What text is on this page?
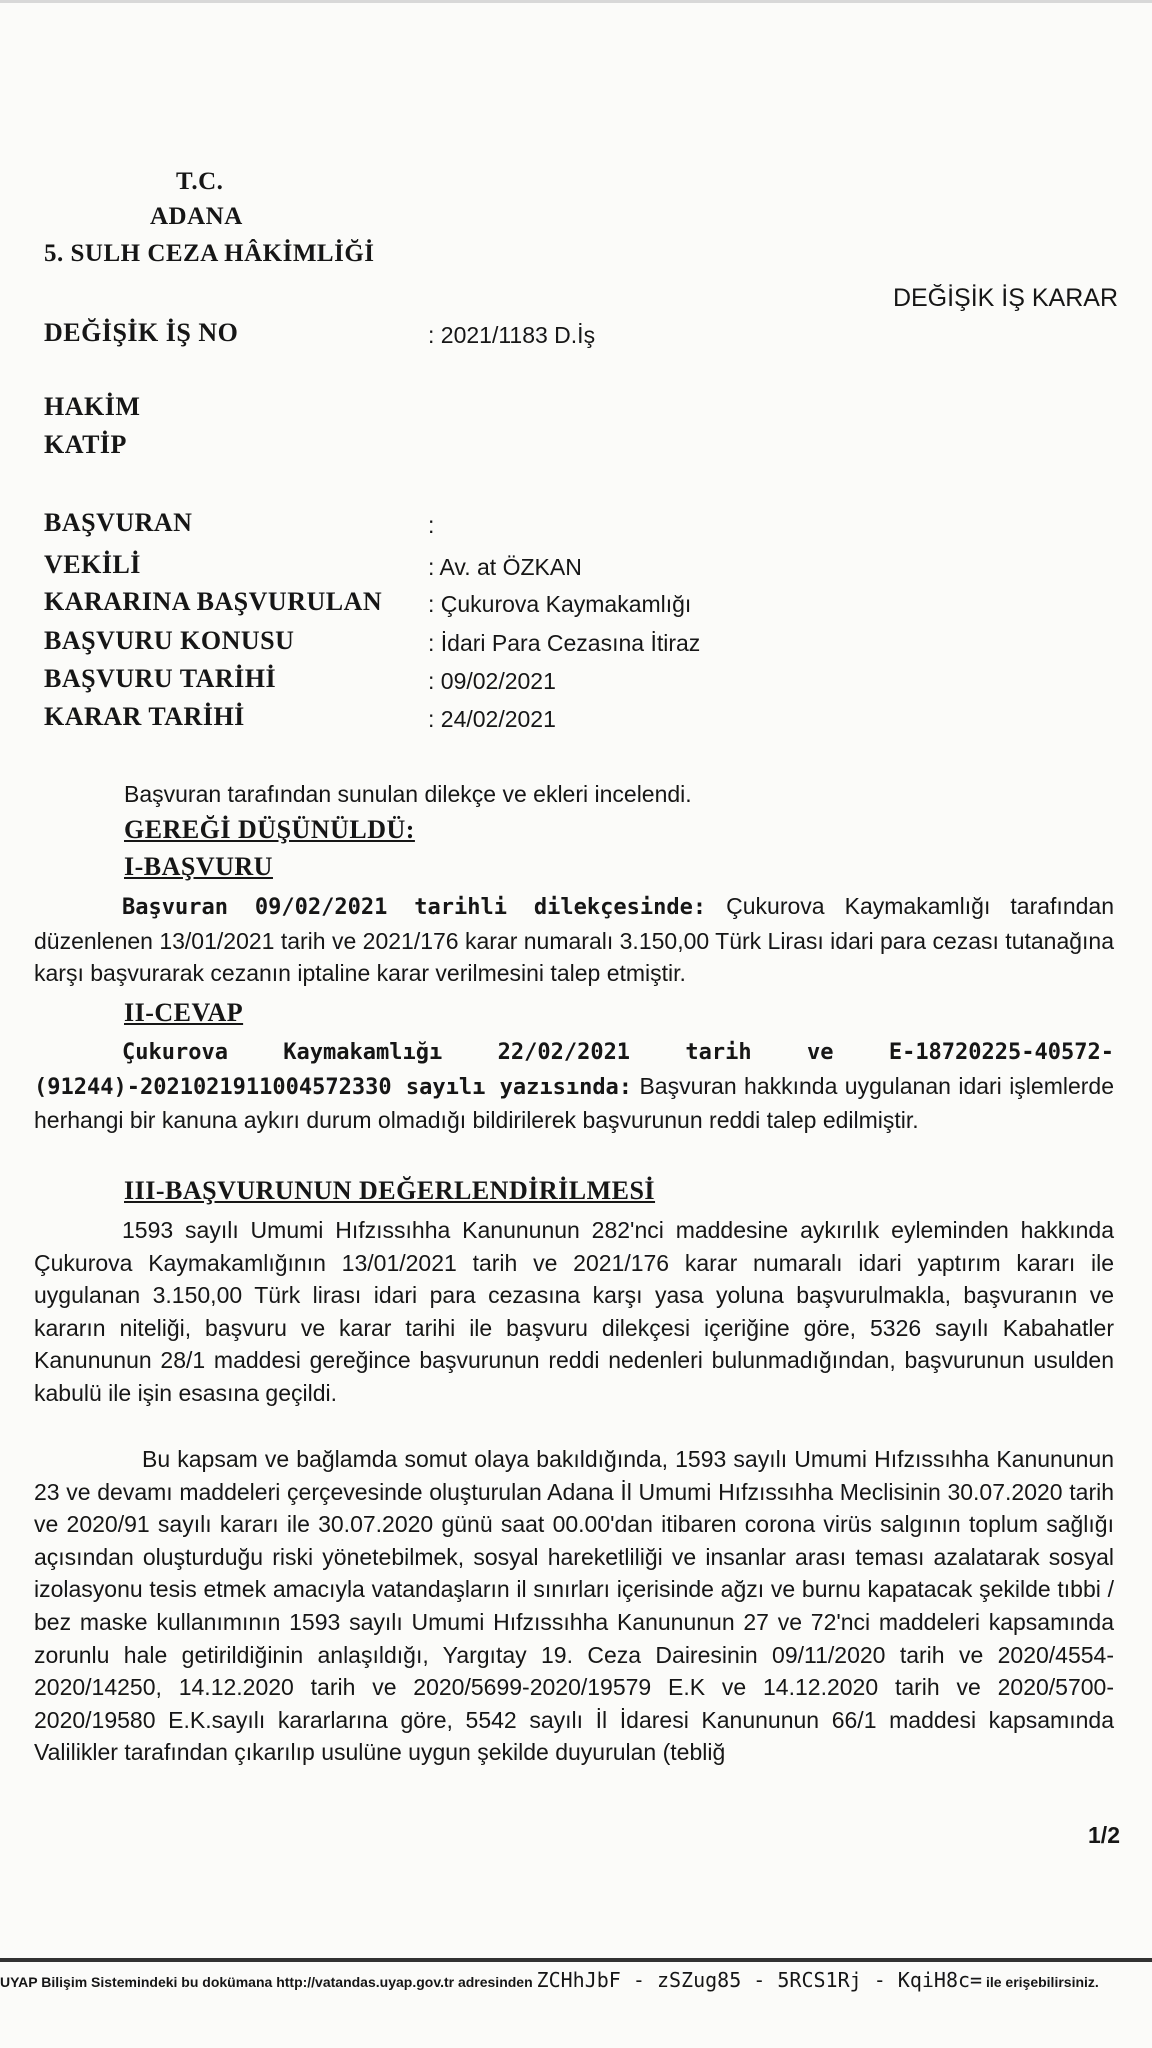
T.C.
ADANA
5. SULH CEZA HÂKİMLİĞİ
DEĞİŞİK İŞ KARAR
DEĞİŞİK İŞ NO	: 2021/1183 D.İş
HAKİM
KATİP
BAŞVURAN	:
VEKİLİ	: Av. at ÖZKAN
KARARINA BAŞVURULAN : Çukurova Kaymakamlığı
BAŞVURU KONUSU	: İdari Para Cezasına İtiraz
BAŞVURU TARİHİ	: 09/02/2021
KARAR TARİHİ	: 24/02/2021
Başvuran tarafından sunulan dilekçe ve ekleri incelendi.
GEREĞİ DÜŞÜNÜLDÜ:
I-BAŞVURU
Başvuran 09/02/2021 tarihli dilekçesinde: Çukurova Kaymakamlığı tarafından düzenlenen 13/01/2021 tarih ve 2021/176 karar numaralı 3.150,00 Türk Lirası idari para cezası tutanağına karşı başvurarak cezanın iptaline karar verilmesini talep etmiştir.
II-CEVAP
Çukurova Kaymakamlığı 22/02/2021 tarih ve E-18720225-40572-(91244)-2021021911004572330 sayılı yazısında: Başvuran hakkında uygulanan idari işlemlerde herhangi bir kanuna aykırı durum olmadığı bildirilerek başvurunun reddi talep edilmiştir.
III-BAŞVURUNUN DEĞERLENDİRİLMESİ
1593 sayılı Umumi Hıfzıssıhha Kanununun 282'nci maddesine aykırılık eyleminden hakkında Çukurova Kaymakamlığının 13/01/2021 tarih ve 2021/176 karar numaralı idari yaptırım kararı ile uygulanan 3.150,00 Türk lirası idari para cezasına karşı yasa yoluna başvurulmakla, başvuranın ve kararın niteliği, başvuru ve karar tarihi ile başvuru dilekçesi içeriğine göre, 5326 sayılı Kabahatler Kanununun 28/1 maddesi gereğince başvurunun reddi nedenleri bulunmadığından, başvurunun usulden kabulü ile işin esasına geçildi.
Bu kapsam ve bağlamda somut olaya bakıldığında, 1593 sayılı Umumi Hıfzıssıhha Kanununun 23 ve devamı maddeleri çerçevesinde oluşturulan Adana İl Umumi Hıfzıssıhha Meclisinin 30.07.2020 tarih ve 2020/91 sayılı kararı ile 30.07.2020 günü saat 00.00'dan itibaren corona virüs salgının toplum sağlığı açısından oluşturduğu riski yönetebilmek, sosyal hareketliliği ve insanlar arası teması azalatarak sosyal izolasyonu tesis etmek amacıyla vatandaşların il sınırları içerisinde ağzı ve burnu kapatacak şekilde tıbbi / bez maske kullanımının 1593 sayılı Umumi Hıfzıssıhha Kanununun 27 ve 72'nci maddeleri kapsamında zorunlu hale getirildiğinin anlaşıldığı, Yargıtay 19. Ceza Dairesinin 09/11/2020 tarih ve 2020/4554-2020/14250, 14.12.2020 tarih ve 2020/5699-2020/19579 E.K ve 14.12.2020 tarih ve 2020/5700-2020/19580 E.K.sayılı kararlarına göre, 5542 sayılı İl İdaresi Kanununun 66/1 maddesi kapsamında Valilikler tarafından çıkarılıp usulüne uygun şekilde duyurulan (tebliğ
1/2
UYAP Bilişim Sistemindeki bu dokümana http://vatandas.uyap.gov.tr adresinden ZCHhJbF - zSZug85 - 5RCS1Rj - KqiH8c= ile erişebilirsiniz.
